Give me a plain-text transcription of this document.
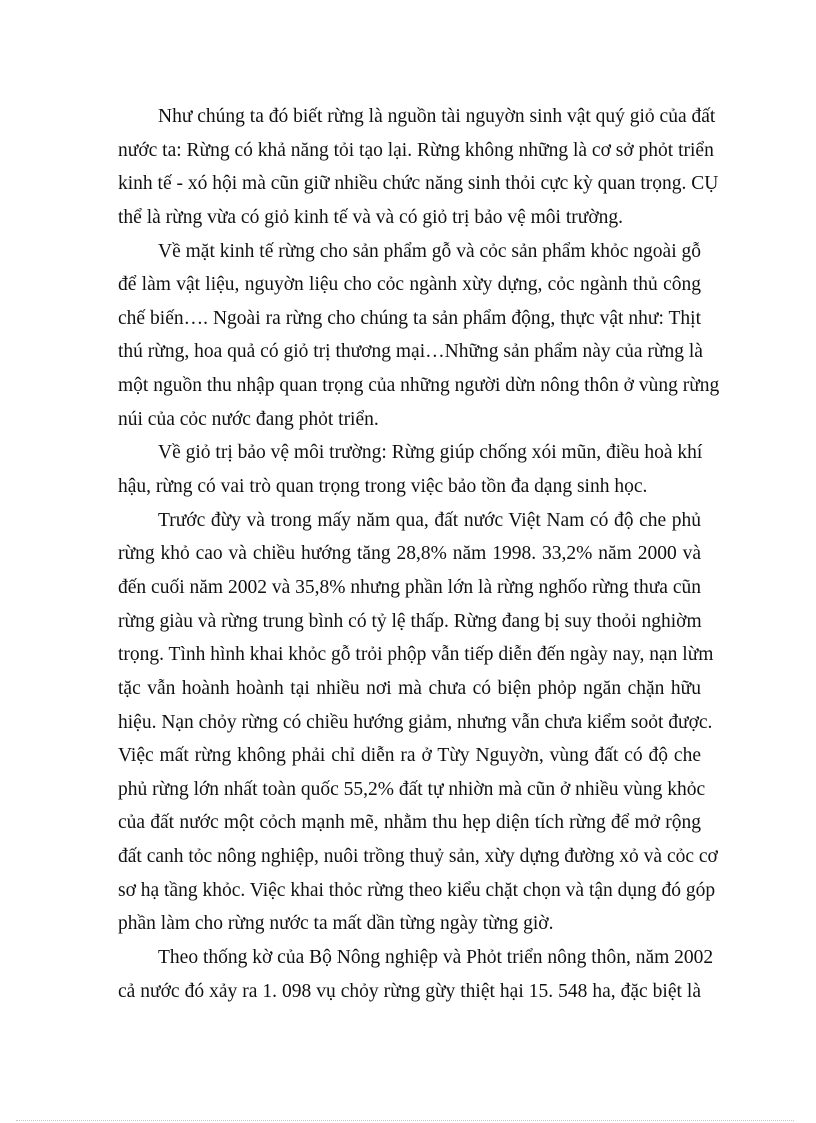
Như chúng ta đó biết rừng là nguồn tài nguyờn sinh vật quý giỏ của đất
nước ta: Rừng có khả năng tỏi tạo lại. Rừng không những là cơ sở phỏt triển
kinh tế - xó hội mà cũn giữ nhiều chức năng sinh thỏi cực kỳ quan trọng. CỤ
thể là rừng vừa có giỏ kinh tế và và có giỏ trị bảo vệ môi trường.
Về mặt kinh tế rừng cho sản phẩm gỗ và cỏc sản phẩm khỏc ngoài gỗ
để làm vật liệu, nguyờn liệu cho cỏc ngành xừy dựng, cỏc ngành thủ công
chế biến…. Ngoài ra rừng cho chúng ta sản phẩm động, thực vật như: Thịt
thú rừng, hoa quả có giỏ trị thương mại…Những sản phẩm này của rừng là
một nguồn thu nhập quan trọng của những người dừn nông thôn ở vùng rừng
núi của cỏc nước đang phỏt triển.
Về giỏ trị bảo vệ môi trường: Rừng giúp chống xói mũn, điều hoà khí
hậu, rừng có vai trò quan trọng trong việc bảo tồn đa dạng sinh học.
Trước đừy và trong mấy năm qua, đất nước Việt Nam có độ che phủ
rừng khỏ cao và chiều hướng tăng 28,8% năm 1998. 33,2% năm 2000 và
đến cuối năm 2002 và 35,8% nhưng phần lớn là rừng nghốo rừng thưa cũn
rừng giàu và rừng trung bình có tỷ lệ thấp. Rừng đang bị suy thoỏi nghiờm
trọng. Tình hình khai khỏc gỗ trỏi phộp vẫn tiếp diễn đến ngày nay, nạn lừm
tặc vẫn hoành hoành tại nhiều nơi mà chưa có biện phỏp ngăn chặn hữu
hiệu. Nạn chỏy rừng có chiều hướng giảm, nhưng vẫn chưa kiểm soỏt được.
Việc mất rừng không phải chỉ diễn ra ở Từy Nguyờn, vùng đất có độ che
phủ rừng lớn nhất toàn quốc 55,2% đất tự nhiờn mà cũn ở nhiều vùng khỏc
của đất nước một cỏch mạnh mẽ, nhằm thu hẹp diện tích rừng để mở rộng
đất canh tỏc nông nghiệp, nuôi trồng thuỷ sản, xừy dựng đường xỏ và cỏc cơ
sơ hạ tầng khỏc. Việc khai thỏc rừng theo kiểu chặt chọn và tận dụng đó góp
phần làm cho rừng nước ta mất dần từng ngày từng giờ.
Theo thống kờ của Bộ Nông nghiệp và Phỏt triển nông thôn, năm 2002
cả nước đó xảy ra 1. 098 vụ chỏy rừng gừy thiệt hại 15. 548 ha, đặc biệt là
